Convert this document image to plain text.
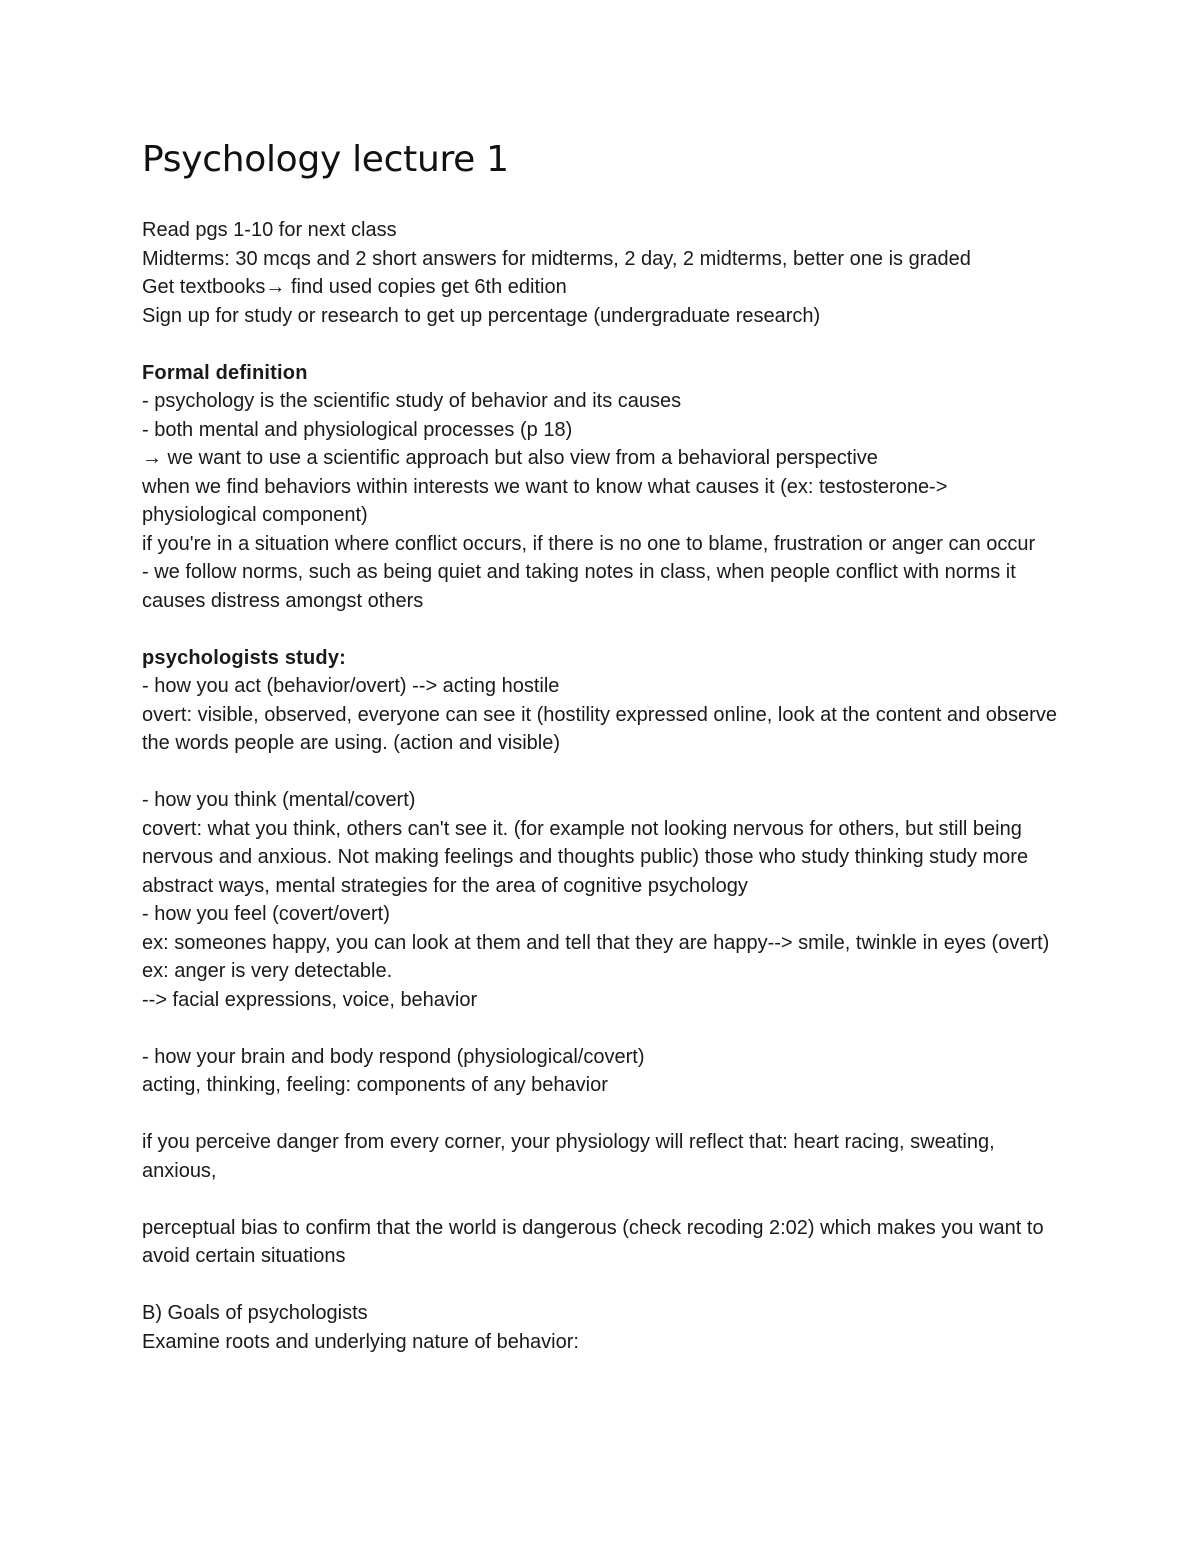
Psychology lecture 1
Read pgs 1-10 for next class
Midterms: 30 mcqs and 2 short answers for midterms, 2 day, 2 midterms, better one is graded
Get textbooks→ find used copies get 6th edition
Sign up for study or research to get up percentage (undergraduate research)
Formal definition
- psychology is the scientific study of behavior and its causes
- both mental and physiological processes (p 18)
→ we want to use a scientific approach but also view from a behavioral perspective
when we find behaviors within interests we want to know what causes it (ex: testosterone-> physiological component)
if you're in a situation where conflict occurs, if there is no one to blame, frustration or anger can occur
- we follow norms, such as being quiet and taking notes in class, when people conflict with norms it causes distress amongst others
psychologists study:
- how you act (behavior/overt) --> acting hostile
overt: visible, observed, everyone can see it (hostility expressed online, look at the content and observe the words people are using. (action and visible)
- how you think (mental/covert)
covert: what you think, others can't see it. (for example not looking nervous for others, but still being nervous and anxious. Not making feelings and thoughts public) those who study thinking study more abstract ways, mental strategies for the area of cognitive psychology
- how you feel (covert/overt)
ex: someones happy, you can look at them and tell that they are happy--> smile, twinkle in eyes (overt)
ex: anger is very detectable.
--> facial expressions, voice, behavior
- how your brain and body respond (physiological/covert)
acting, thinking, feeling: components of any behavior
if you perceive danger from every corner, your physiology will reflect that: heart racing, sweating, anxious,
perceptual bias to confirm that the world is dangerous (check recoding 2:02) which makes you want to avoid certain situations
B) Goals of psychologists
Examine roots and underlying nature of behavior:
